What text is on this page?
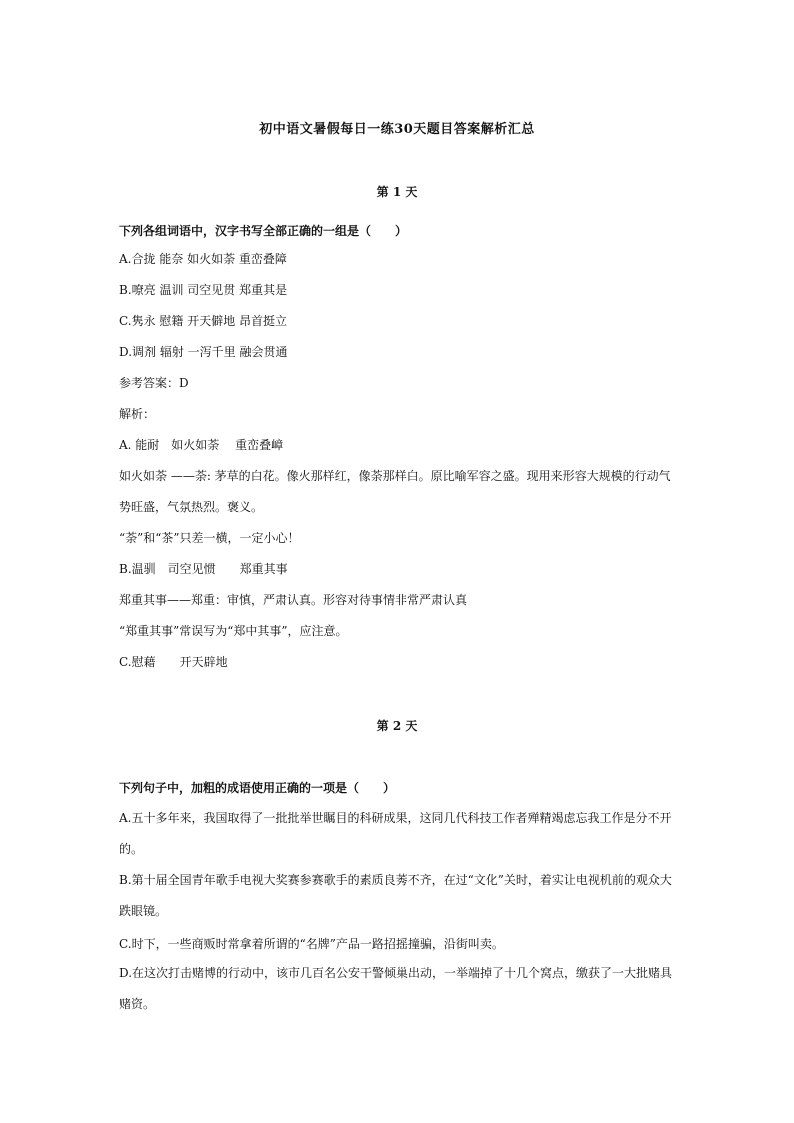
初中语文暑假每日一练30天题目答案解析汇总
第 1 天
下列各组词语中，汉字书写全部正确的一组是（　　）
A.合拢 能奈 如火如荼 重峦叠障
B.嘹亮 温训 司空见贯 郑重其是
C.隽永 慰籍 开天僻地 昂首挺立
D.调剂 辐射 一泻千里 融会贯通
参考答案：D
解析：
A. 能耐　如火如荼　 重峦叠嶂
如火如荼 ——荼: 茅草的白花。像火那样红，像荼那样白。原比喻军容之盛。现用来形容大规模的行动气
势旺盛，气氛热烈。褒义。
“荼”和“茶”只差一横，一定小心！
B.温驯　司空见惯　　郑重其事
郑重其事——郑重：审慎，严肃认真。形容对待事情非常严肃认真
“郑重其事”常误写为“郑中其事”，应注意。
C.慰藉　　开天辟地
第 2 天
下列句子中，加粗的成语使用正确的一项是（　　）
A.五十多年来，我国取得了一批批举世瞩目的科研成果，这同几代科技工作者殚精竭虑忘我工作是分不开的。
B.第十届全国青年歌手电视大奖赛参赛歌手的素质良莠不齐，在过“文化”关时，着实让电视机前的观众大跌眼镜。
C.时下，一些商贩时常拿着所谓的“名牌”产品一路招摇撞骗，沿街叫卖。
D.在这次打击赌博的行动中，该市几百名公安干警倾巢出动，一举端掉了十几个窝点，缴获了一大批赌具赌资。
